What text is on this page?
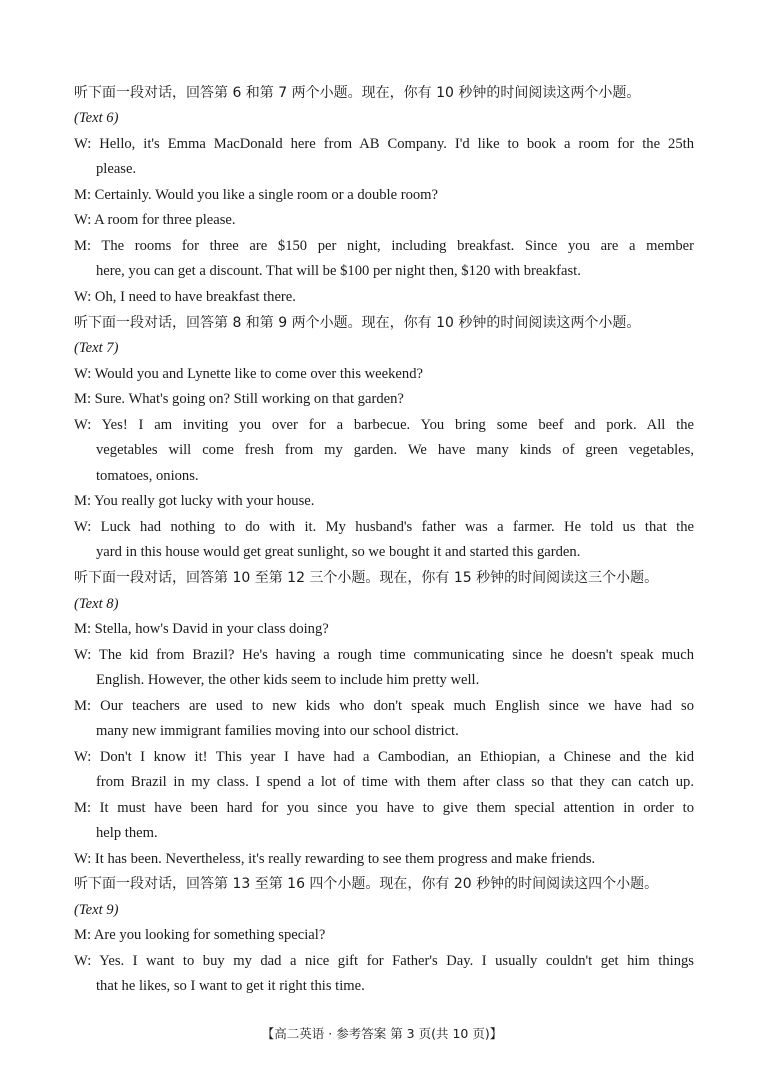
听下面一段对话，回答第 6 和第 7 两个小题。现在，你有 10 秒钟的时间阅读这两个小题。
(Text 6)
W: Hello, it's Emma MacDonald here from AB Company. I'd like to book a room for the 25th
please.
M: Certainly. Would you like a single room or a double room?
W: A room for three please.
M: The rooms for three are $150 per night, including breakfast. Since you are a member
here, you can get a discount. That will be $100 per night then, $120 with breakfast.
W: Oh, I need to have breakfast there.
听下面一段对话，回答第 8 和第 9 两个小题。现在，你有 10 秒钟的时间阅读这两个小题。
(Text 7)
W: Would you and Lynette like to come over this weekend?
M: Sure. What's going on? Still working on that garden?
W: Yes! I am inviting you over for a barbecue. You bring some beef and pork. All the
vegetables will come fresh from my garden. We have many kinds of green vegetables,
tomatoes, onions.
M: You really got lucky with your house.
W: Luck had nothing to do with it. My husband's father was a farmer. He told us that the
yard in this house would get great sunlight, so we bought it and started this garden.
听下面一段对话，回答第 10 至第 12 三个小题。现在，你有 15 秒钟的时间阅读这三个小题。
(Text 8)
M: Stella, how's David in your class doing?
W: The kid from Brazil? He's having a rough time communicating since he doesn't speak much
English. However, the other kids seem to include him pretty well.
M: Our teachers are used to new kids who don't speak much English since we have had so
many new immigrant families moving into our school district.
W: Don't I know it! This year I have had a Cambodian, an Ethiopian, a Chinese and the kid
from Brazil in my class. I spend a lot of time with them after class so that they can catch up.
M: It must have been hard for you since you have to give them special attention in order to
help them.
W: It has been. Nevertheless, it's really rewarding to see them progress and make friends.
听下面一段对话，回答第 13 至第 16 四个小题。现在，你有 20 秒钟的时间阅读这四个小题。
(Text 9)
M: Are you looking for something special?
W: Yes. I want to buy my dad a nice gift for Father's Day. I usually couldn't get him things
that he likes, so I want to get it right this time.
【高二英语 · 参考答案 第 3 页(共 10 页)】
